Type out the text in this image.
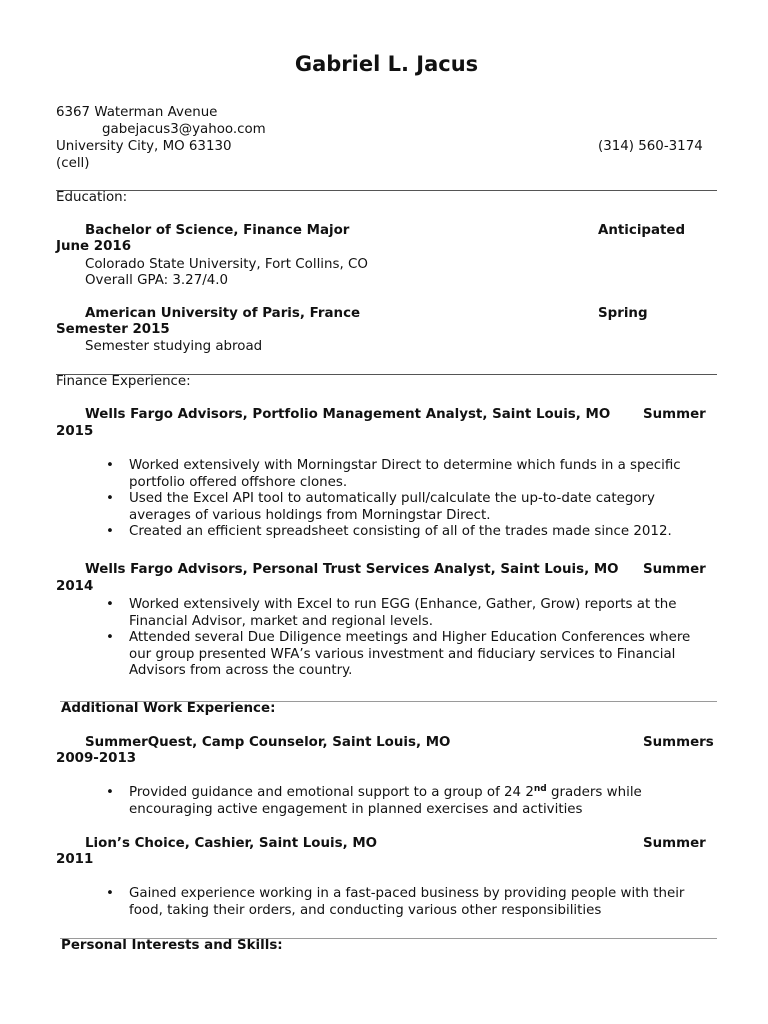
Gabriel L. Jacus
6367 Waterman Avenue
gabejacus3@yahoo.com
University City, MO 63130	(314) 560-3174
(cell)
Education:
Bachelor of Science, Finance Major	Anticipated
June 2016
Colorado State University, Fort Collins, CO
Overall GPA: 3.27/4.0
American University of Paris, France	Spring
Semester 2015
Semester studying abroad
Finance Experience:
Wells Fargo Advisors, Portfolio Management Analyst, Saint Louis, MO Summer
2015
• Worked extensively with Morningstar Direct to determine which funds in a specific
portfolio offered offshore clones.
• Used the Excel API tool to automatically pull/calculate the up-to-date category
averages of various holdings from Morningstar Direct.
• Created an efficient spreadsheet consisting of all of the trades made since 2012.
Wells Fargo Advisors, Personal Trust Services Analyst, Saint Louis, MO Summer
2014
• Worked extensively with Excel to run EGG (Enhance, Gather, Grow) reports at the
Financial Advisor, market and regional levels.
• Attended several Due Diligence meetings and Higher Education Conferences where
our group presented WFA’s various investment and fiduciary services to Financial
Advisors from across the country.
Additional Work Experience:
SummerQuest, Camp Counselor, Saint Louis, MO	Summers
2009-2013
• Provided guidance and emotional support to a group of 24 2nd graders while
encouraging active engagement in planned exercises and activities
Lion’s Choice, Cashier, Saint Louis, MO	Summer
2011
• Gained experience working in a fast-paced business by providing people with their
food, taking their orders, and conducting various other responsibilities
Personal Interests and Skills:
